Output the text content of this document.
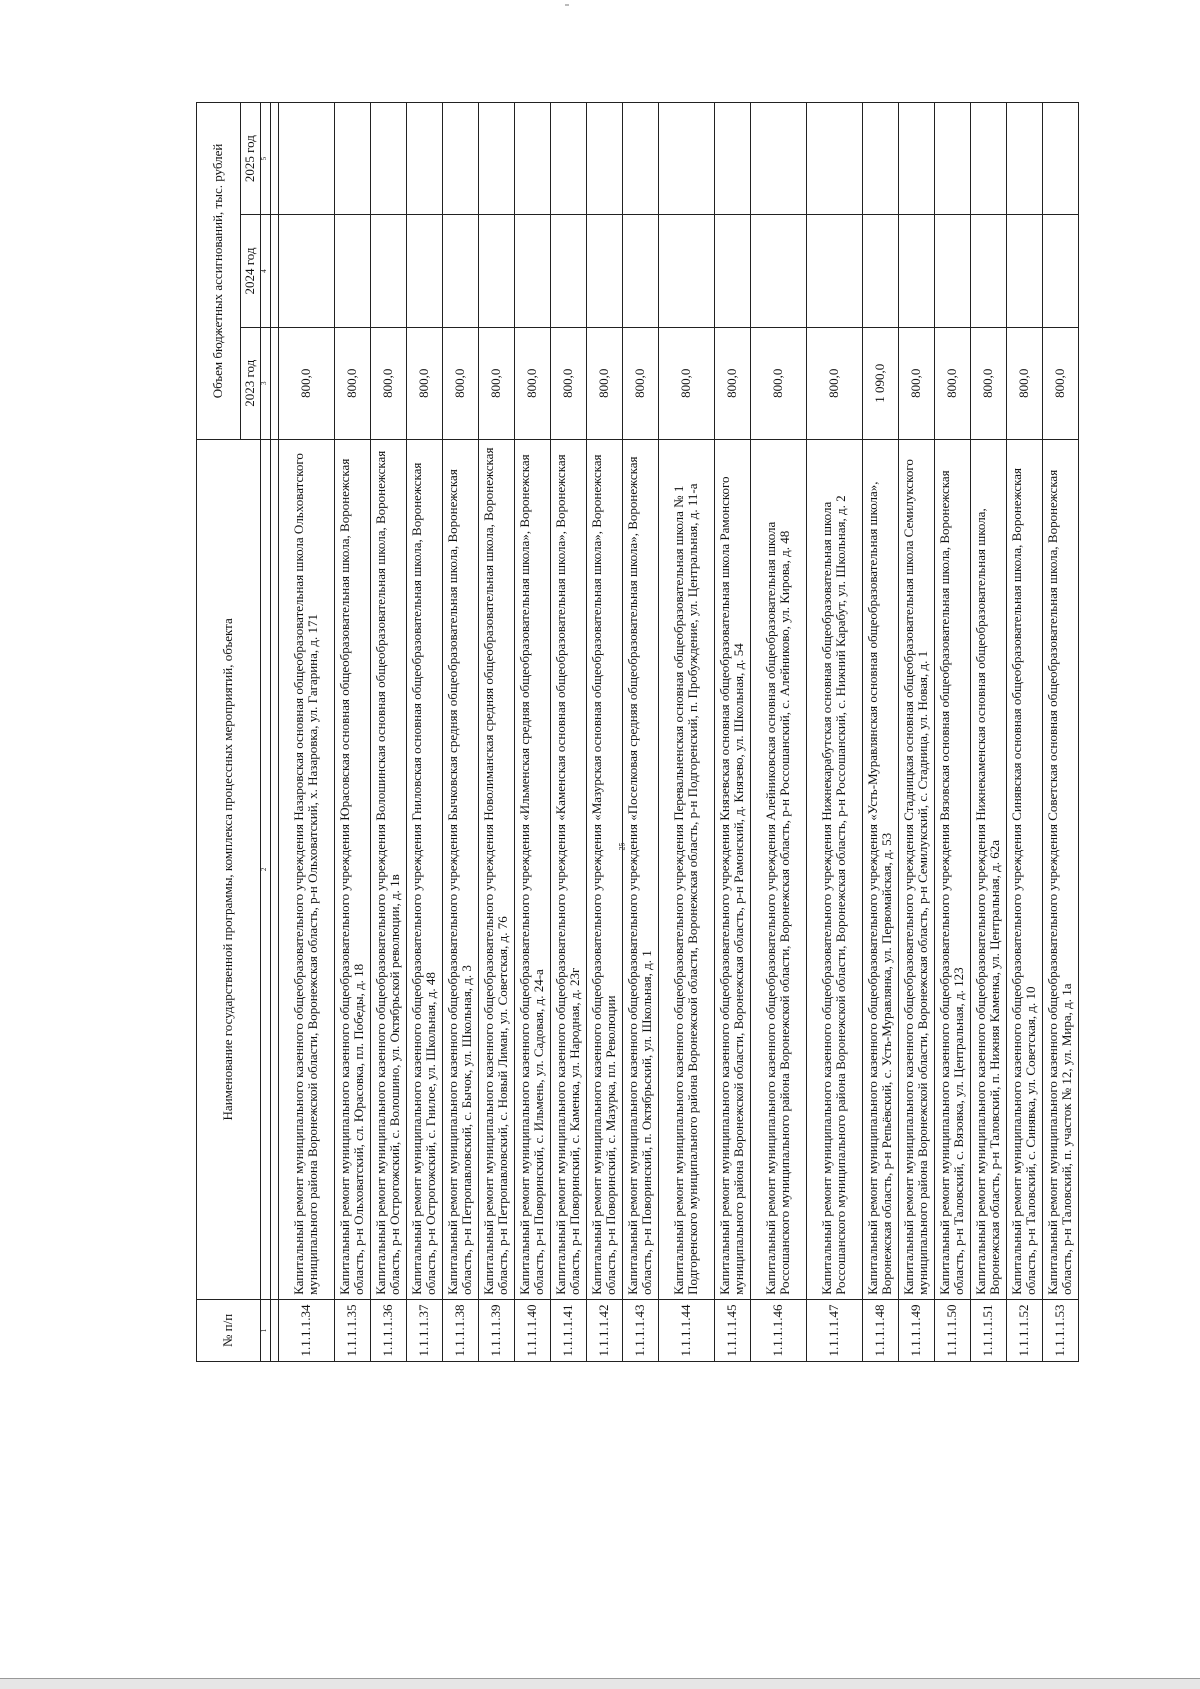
25
№ п/п	Наименование государственной программы, комплекса процессных мероприятий, объекта	Объем бюджетных ассигнований, тыс. рублей		
		2023 год	2024 год	2025 год
1	2	3	4	5

1.1.1.1.34	Капитальный ремонт муниципального казенного общеобразовательного учреждения Назаровская основная общеобразовательная школа Ольховатского муниципального района Воронежской области, Воронежская область, р-н Ольховатский, х. Назаровка, ул. Гагарина, д. 171	800,0		
1.1.1.1.35	Капитальный ремонт муниципального казенного общеобразовательного учреждения Юрасовская основная общеобразовательная школа, Воронежская область, р-н Ольховатский, сл. Юрасовка, пл. Победы, д. 18	800,0		
1.1.1.1.36	Капитальный ремонт муниципального казенного общеобразовательного учреждения Волошинская основная общеобразовательная школа, Воронежская область, р-н Острогожский, с. Волошино, ул. Октябрьской революции, д. 1в	800,0		
1.1.1.1.37	Капитальный ремонт муниципального казенного общеобразовательного учреждения Гниловская основная общеобразовательная школа, Воронежская область, р-н Острогожский, с. Гнилое, ул. Школьная, д. 48	800,0		
1.1.1.1.38	Капитальный ремонт муниципального казенного общеобразовательного учреждения Бычковская средняя общеобразовательная школа, Воронежская область, р-н Петропавловский, с. Бычок, ул. Школьная, д. 3	800,0		
1.1.1.1.39	Капитальный ремонт муниципального казенного общеобразовательного учреждения Новолиманская средняя общеобразовательная школа, Воронежская область, р-н Петропавловский, с. Новый Лиман, ул. Советская, д. 76	800,0		
1.1.1.1.40	Капитальный ремонт муниципального казенного общеобразовательного учреждения «Ильменская средняя общеобразовательная школа», Воронежская область, р-н Поворинский, с. Ильмень, ул. Садовая, д. 24-а	800,0		
1.1.1.1.41	Капитальный ремонт муниципального казенного общеобразовательного учреждения «Каменская основная общеобразовательная школа», Воронежская область, р-н Поворинский, с. Каменка, ул. Народная, д. 23г	800,0		
1.1.1.1.42	Капитальный ремонт муниципального казенного общеобразовательного учреждения «Мазурская основная общеобразовательная школа», Воронежская область, р-н Поворинский, с. Мазурка, пл. Революции	800,0		
1.1.1.1.43	Капитальный ремонт муниципального казенного общеобразовательного учреждения «Поселковая средняя общеобразовательная школа», Воронежская область, р-н Поворинский, п. Октябрьский, ул. Школьная, д. 1	800,0		
1.1.1.1.44	Капитальный ремонт муниципального казенного общеобразовательного учреждения Перевальненская основная общеобразовательная школа № 1 Подгоренского муниципального района Воронежской области, Воронежская область, р-н Подгоренский, п. Пробуждение, ул. Центральная, д. 11-а	800,0		
1.1.1.1.45	Капитальный ремонт муниципального казенного общеобразовательного учреждения Князевская основная общеобразовательная школа Рамонского муниципального района Воронежской области, Воронежская область, р-н Рамонский, д. Князево, ул. Школьная, д. 54	800,0		
1.1.1.1.46	Капитальный ремонт муниципального казенного общеобразовательного учреждения Алейниковская основная общеобразовательная школа Россошанского муниципального района Воронежской области, Воронежская область, р-н Россошанский, с. Алейниково, ул. Кирова, д. 48	800,0		
1.1.1.1.47	Капитальный ремонт муниципального казенного общеобразовательного учреждения Нижнекарабутская основная общеобразовательная школа Россошанского муниципального района Воронежской области, Воронежская область, р-н Россошанский, с. Нижний Карабут, ул. Школьная, д. 2	800,0		
1.1.1.1.48	Капитальный ремонт муниципального казенного общеобразовательного учреждения «Усть-Муравлянская основная общеобразовательная школа», Воронежская область, р-н Репьёвский, с. Усть-Муравлянка, ул. Первомайская, д. 53	1 090,0		
1.1.1.1.49	Капитальный ремонт муниципального казенного общеобразовательного учреждения Стадницкая основная общеобразовательная школа Семилукского муниципального района Воронежской области, Воронежская область, р-н Семилукский, с. Стадница, ул. Новая, д. 1	800,0		
1.1.1.1.50	Капитальный ремонт муниципального казенного общеобразовательного учреждения Вязовская основная общеобразовательная школа, Воронежская область, р-н Таловский, с. Вязовка, ул. Центральная, д. 123	800,0		
1.1.1.1.51	Капитальный ремонт муниципального казенного общеобразовательного учреждения Нижнекаменская основная общеобразовательная школа, Воронежская область, р-н Таловский, п. Нижняя Каменка, ул. Центральная, д. 62а	800,0		
1.1.1.1.52	Капитальный ремонт муниципального казенного общеобразовательного учреждения Синявская основная общеобразовательная школа, Воронежская область, р-н Таловский, с. Синявка, ул. Советская, д. 10	800,0		
1.1.1.1.53	Капитальный ремонт муниципального казенного общеобразовательного учреждения Советская основная общеобразовательная школа, Воронежская область, р-н Таловский, п. участок № 12, ул. Мира, д. 1а	800,0		
